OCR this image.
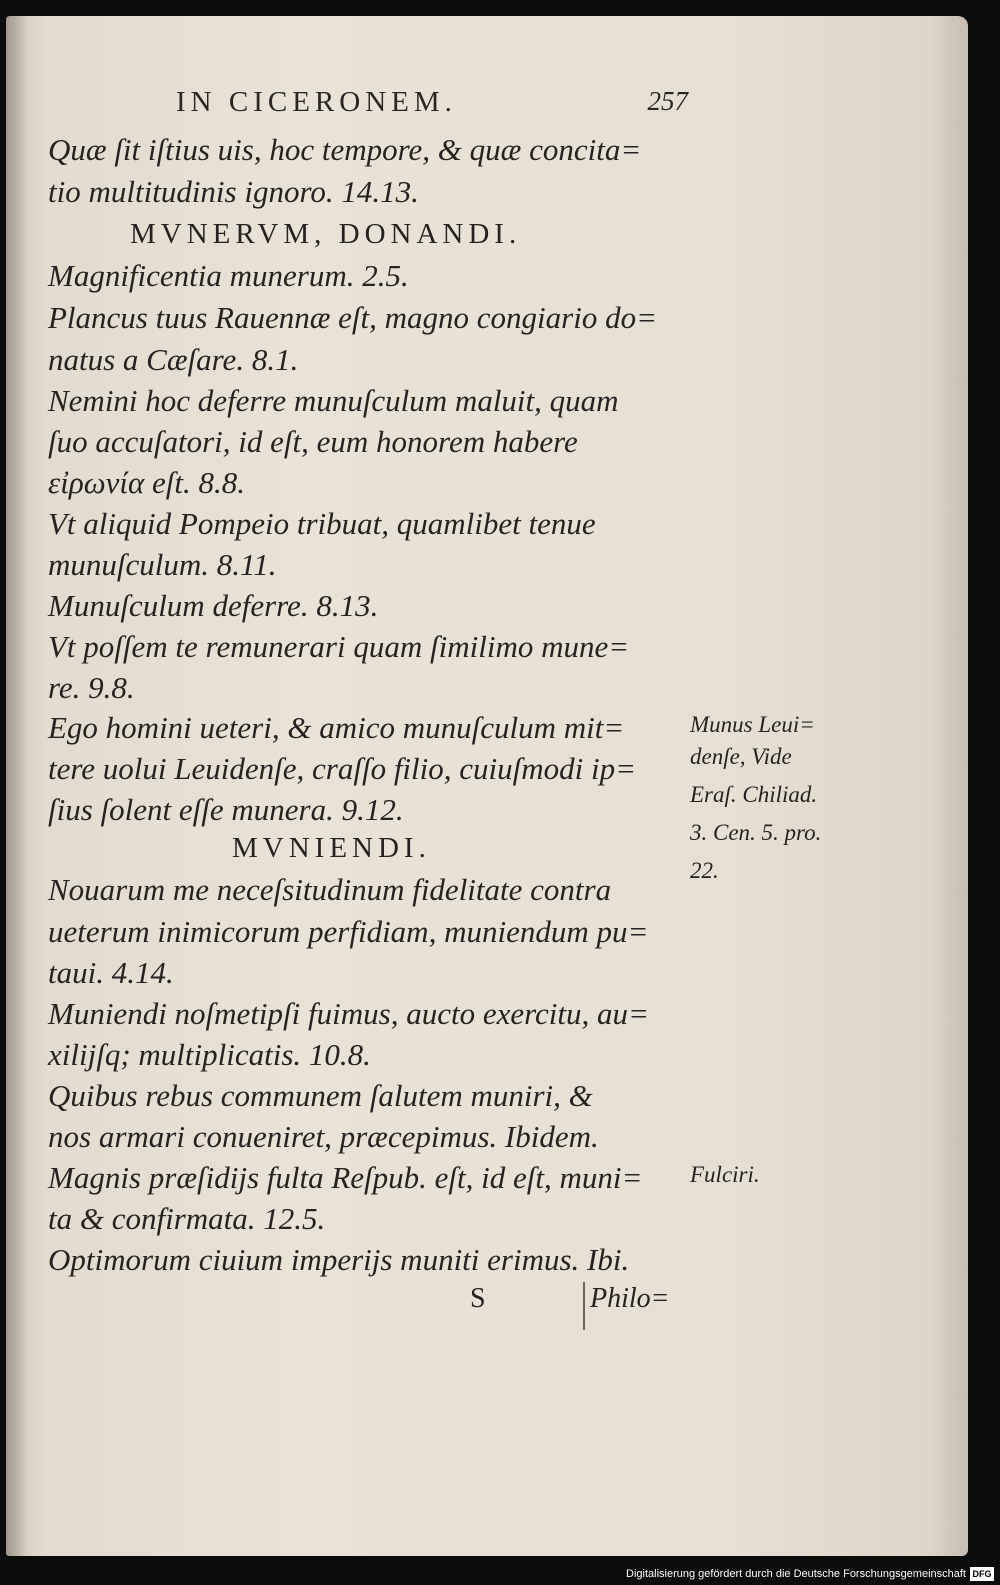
IN CICERONEM.	257
Quæ ſit iſtius uis, hoc tempore, & quæ concita=
tio multitudinis ignoro. 14.13.
MVNERVM, DONANDI.
Magnificentia munerum. 2.5.
Plancus tuus Rauennæ eſt, magno congiario do=
natus a Cæſare. 8.1.
Nemini hoc deferre munuſculum maluit, quam
ſuo accuſatori, id eſt, eum honorem habere
εἰρωνία eſt. 8.8.
Vt aliquid Pompeio tribuat, quamlibet tenue
munuſculum. 8.11.
Munuſculum deferre. 8.13.
Vt poſſem te remunerari quam ſimilimo mune=
re. 9.8.
Ego homini ueteri, & amico munuſculum mit=
tere uolui Leuidenſe, craſſo filio, cuiuſmodi ip=
ſius ſolent eſſe munera. 9.12.
MVNIENDI.
Nouarum me neceſsitudinum fidelitate contra
ueterum inimicorum perfidiam, muniendum pu=
taui. 4.14.
Muniendi noſmetipſi fuimus, aucto exercitu, au=
xilijſq; multiplicatis. 10.8.
Quibus rebus communem ſalutem muniri, &
nos armari conueniret, præcepimus. Ibidem.
Magnis præſidijs fulta Reſpub. eſt, id eſt, muni=
ta & confirmata. 12.5.
Optimorum ciuium imperijs muniti erimus. Ibi.
Munus Leui=
denſe, Vide
Eraſ. Chiliad.
3. Cen. 5. pro.
22.
Fulciri.
S	Philo=
Digitalisierung gefördert durch die Deutsche Forschungsgemeinschaft DFG
